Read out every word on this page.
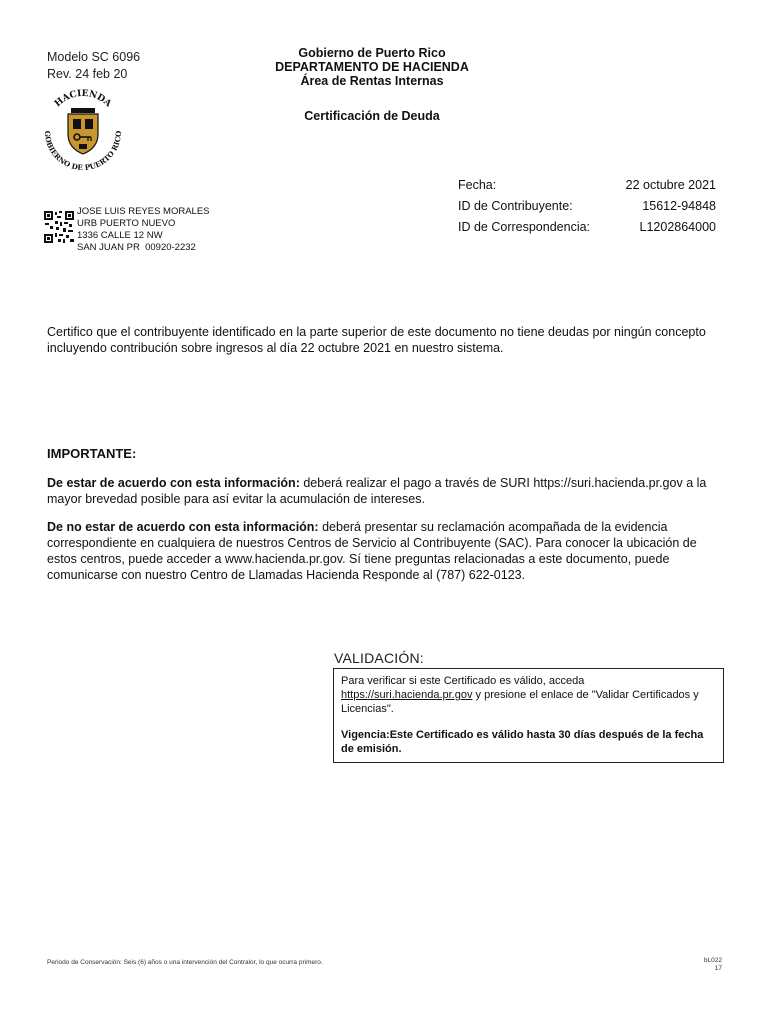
Modelo SC 6096
Rev. 24 feb 20
Gobierno de Puerto Rico
DEPARTAMENTO DE HACIENDA
Área de Rentas Internas
Certificación de Deuda
HACIENDA
GOBIERNO DE PUERTO RICO
Fecha:	22 octubre 2021
ID de Contribuyente:	15612-94848
ID de Correspondencia:	L1202864000
JOSE LUIS REYES MORALES
URB PUERTO NUEVO
1336 CALLE 12 NW
SAN JUAN PR  00920-2232
Certifico que el contribuyente identificado en la parte superior de este documento no tiene deudas por ningún concepto incluyendo contribución sobre ingresos al día 22 octubre 2021 en nuestro sistema.
IMPORTANTE:
De estar de acuerdo con esta información: deberá realizar el pago a través de SURI https://suri.hacienda.pr.gov a la mayor brevedad posible para así evitar la acumulación de intereses.
De no estar de acuerdo con esta información: deberá presentar su reclamación acompañada de la evidencia correspondiente en cualquiera de nuestros Centros de Servicio al Contribuyente (SAC). Para conocer la ubicación de estos centros, puede acceder a www.hacienda.pr.gov. Sí tiene preguntas relacionadas a este documento, puede comunicarse con nuestro Centro de Llamadas Hacienda Responde al (787) 622-0123.
VALIDACIÓN:
Para verificar si este Certificado es válido, acceda https://suri.hacienda.pr.gov y presione el enlace de "Validar Certificados y Licencias".
Vigencia:Este Certificado es válido hasta 30 días después de la fecha de emisión.
Periodo de Conservación: Seis (6) años o una intervención del Contralor, lo que ocurra primero.	bL022
17
